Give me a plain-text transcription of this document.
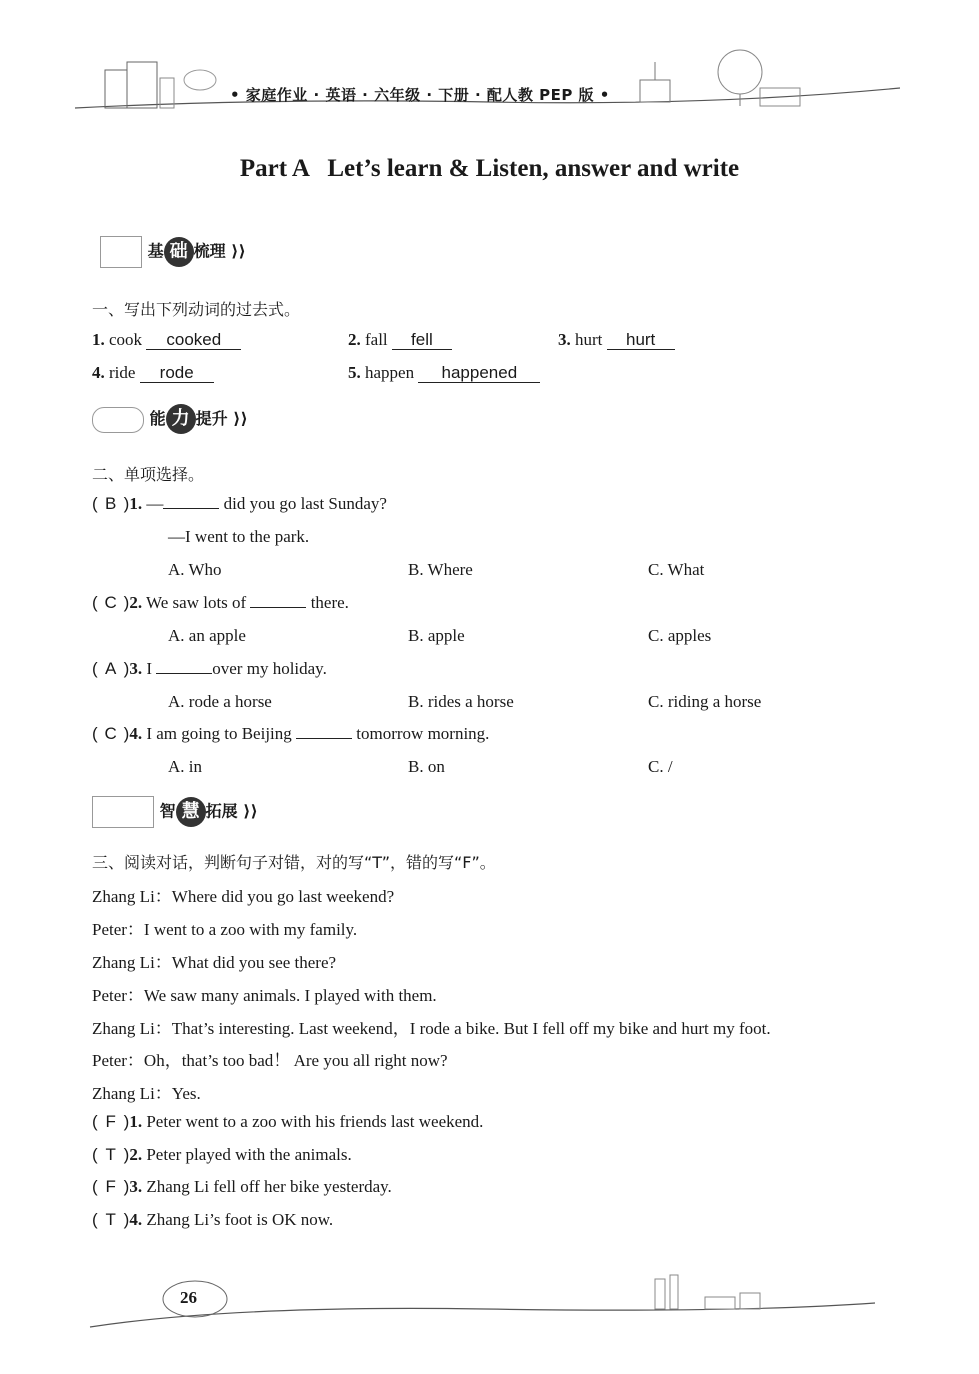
• 家庭作业 · 英语 · 六年级 · 下册 · 配人教 PEP 版 •
Part A   Let’s learn & Listen, answer and write
基 础 梳理 ⟩⟩
一、写出下列动词的过去式。
1. cook cooked	2. fall fell	3. hurt hurt
4. ride rode	5. happen happened
能 力 提升 ⟩⟩
二、单项选择。
( B )1. —	did you go last Sunday?
—I went to the park.
A. Who	B. Where	C. What
( C )2. We saw lots of	there.
A. an apple	B. apple	C. apples
( A )3. I	over my holiday.
A. rode a horse	B. rides a horse	C. riding a horse
( C )4. I am going to Beijing	tomorrow morning.
A. in	B. on	C. /
智 慧 拓展 ⟩⟩
三、阅读对话，判断句子对错，对的写“T”，错的写“F”。
Zhang Li：Where did you go last weekend?
Peter：I went to a zoo with my family.
Zhang Li：What did you see there?
Peter：We saw many animals. I played with them.
Zhang Li：That’s interesting. Last weekend，I rode a bike. But I fell off my bike and hurt my foot.
Peter：Oh，that’s too bad！ Are you all right now?
Zhang Li：Yes.
( F )1. Peter went to a zoo with his friends last weekend.
( T )2. Peter played with the animals.
( F )3. Zhang Li fell off her bike yesterday.
( T )4. Zhang Li’s foot is OK now.
26
